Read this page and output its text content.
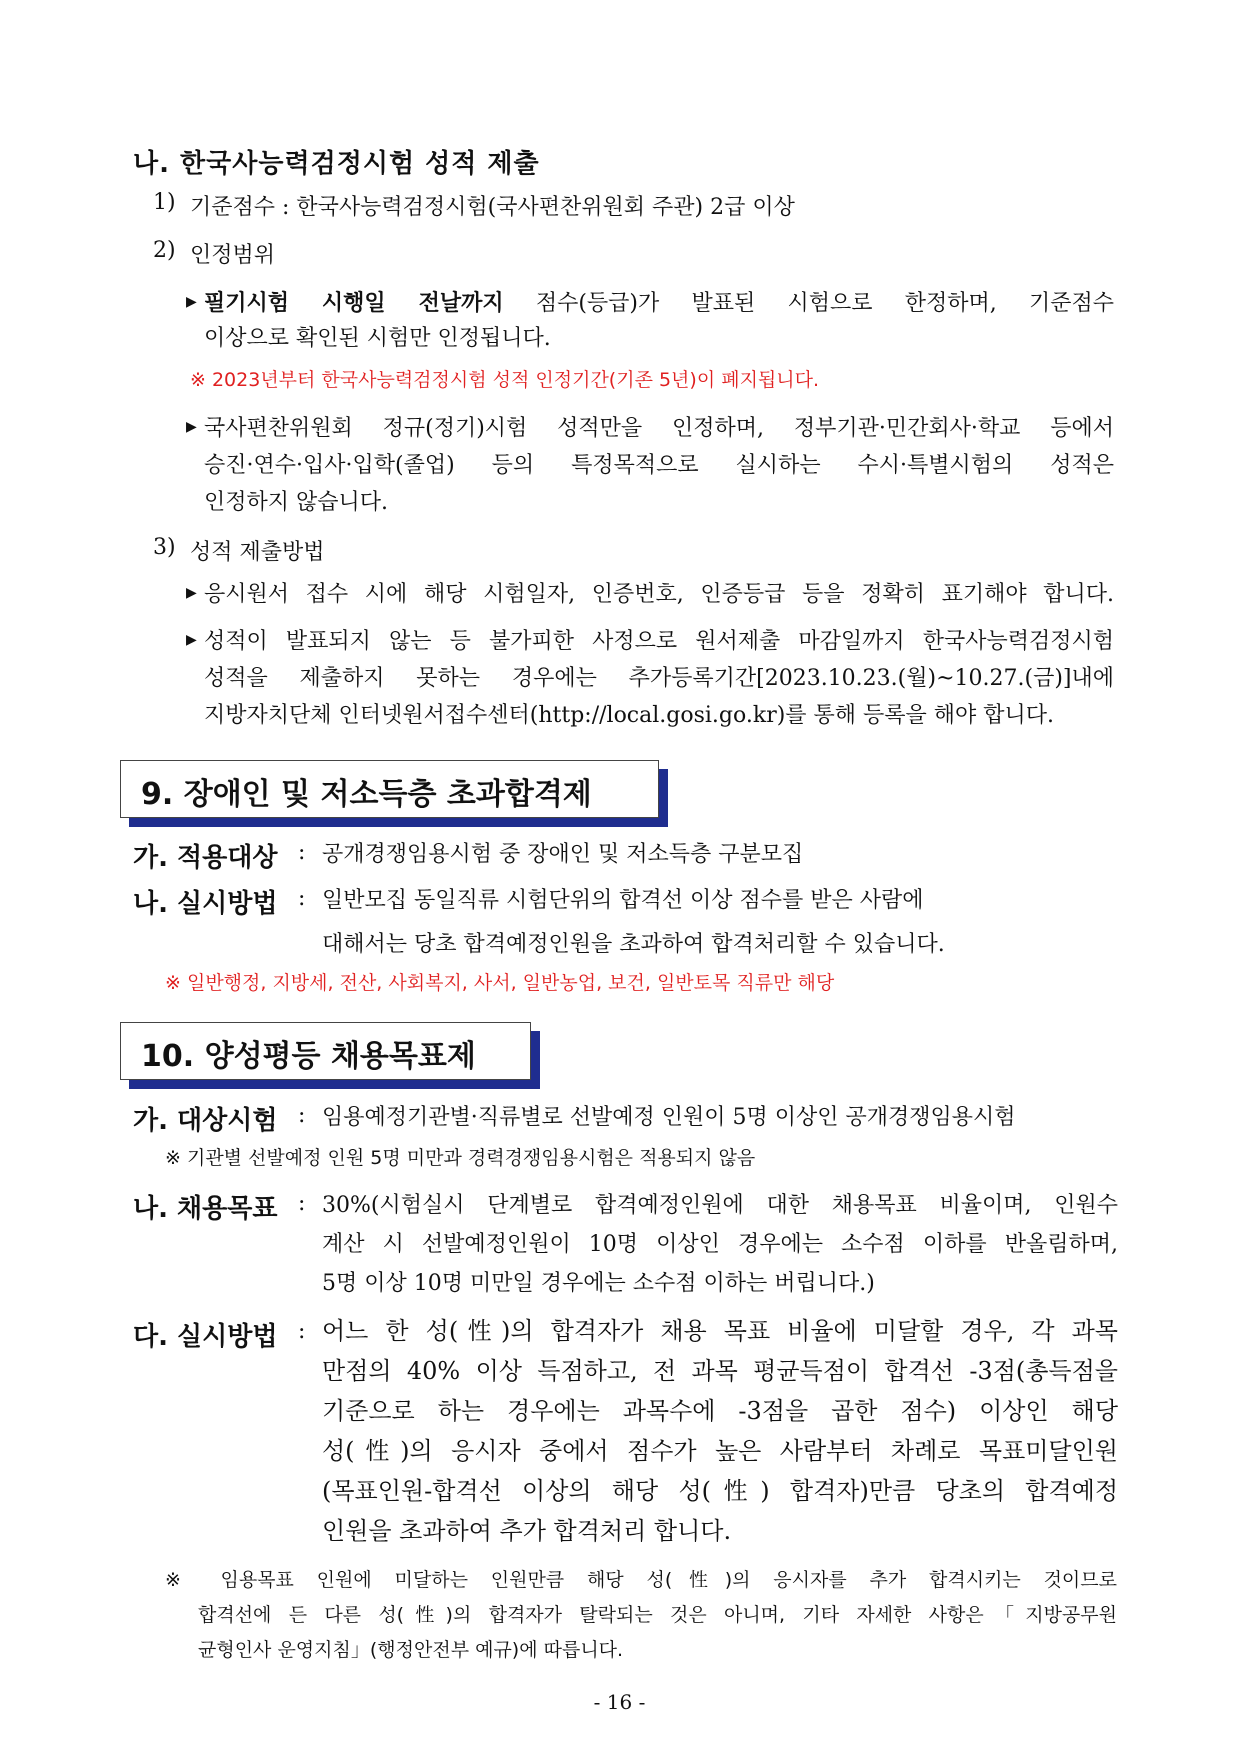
나. 한국사능력검정시험 성적 제출
1) 기준점수 : 한국사능력검정시험(국사편찬위원회 주관) 2급 이상
2) 인정범위
▶ 필기시험 시행일 전날까지 점수(등급)가 발표된 시험으로 한정하며, 기준점수
이상으로 확인된 시험만 인정됩니다.
※ 2023년부터 한국사능력검정시험 성적 인정기간(기존 5년)이 폐지됩니다.
▶ 국사편찬위원회 정규(정기)시험 성적만을 인정하며, 정부기관·민간회사·학교 등에서
승진·연수·입사·입학(졸업) 등의 특정목적으로 실시하는 수시·특별시험의 성적은
인정하지 않습니다.
3) 성적 제출방법
▶ 응시원서 접수 시에 해당 시험일자, 인증번호, 인증등급 등을 정확히 표기해야 합니다.
▶ 성적이 발표되지 않는 등 불가피한 사정으로 원서제출 마감일까지 한국사능력검정시험
성적을 제출하지 못하는 경우에는 추가등록기간[2023.10.23.(월)~10.27.(금)]내에
지방자치단체 인터넷원서접수센터(http://local.gosi.go.kr)를 통해 등록을 해야 합니다.
9. 장애인 및 저소득층 초과합격제
가. 적용대상 : 공개경쟁임용시험 중 장애인 및 저소득층 구분모집
나. 실시방법 : 일반모집 동일직류 시험단위의 합격선 이상 점수를 받은 사람에
대해서는 당초 합격예정인원을 초과하여 합격처리할 수 있습니다.
※ 일반행정, 지방세, 전산, 사회복지, 사서, 일반농업, 보건, 일반토목 직류만 해당
10. 양성평등 채용목표제
가. 대상시험 : 임용예정기관별·직류별로 선발예정 인원이 5명 이상인 공개경쟁임용시험
※ 기관별 선발예정 인원 5명 미만과 경력경쟁임용시험은 적용되지 않음
나. 채용목표 : 30%(시험실시 단계별로 합격예정인원에 대한 채용목표 비율이며, 인원수
계산 시 선발예정인원이 10명 이상인 경우에는 소수점 이하를 반올림하며,
5명 이상 10명 미만일 경우에는 소수점 이하는 버립니다.)
다. 실시방법 : 어느 한 성(性)의 합격자가 채용 목표 비율에 미달할 경우, 각 과목
만점의 40% 이상 득점하고, 전 과목 평균득점이 합격선 -3점(총득점을
기준으로 하는 경우에는 과목수에 -3점을 곱한 점수) 이상인 해당
성(性)의 응시자 중에서 점수가 높은 사람부터 차례로 목표미달인원
(목표인원-합격선 이상의 해당 성(性) 합격자)만큼 당초의 합격예정
인원을 초과하여 추가 합격처리 합니다.
※ 임용목표 인원에 미달하는 인원만큼 해당 성(性)의 응시자를 추가 합격시키는 것이므로
합격선에 든 다른 성(性)의 합격자가 탈락되는 것은 아니며, 기타 자세한 사항은「지방공무원
균형인사 운영지침」(행정안전부 예규)에 따릅니다.
- 16 -
